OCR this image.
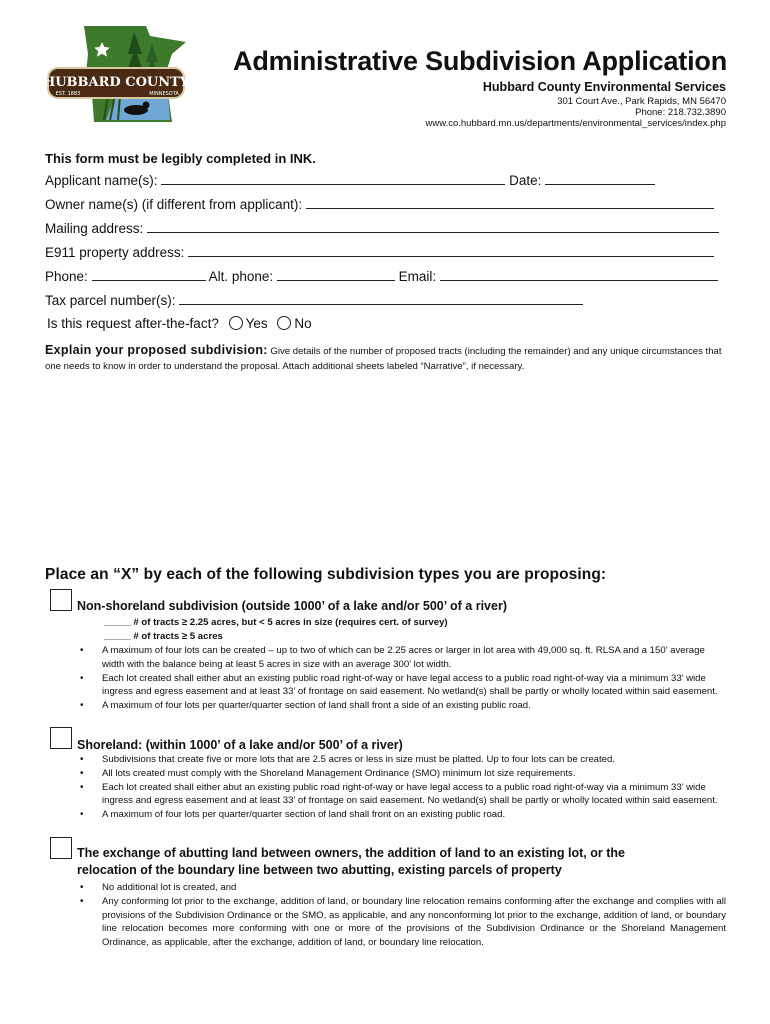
HUBBARD COUNTY
EST. 1883	MINNESOTA
Administrative Subdivision Application
Hubbard County Environmental Services
301 Court Ave., Park Rapids, MN 56470
Phone: 218.732.3890
www.co.hubbard.mn.us/departments/environmental_services/index.php
This form must be legibly completed in INK.
Applicant name(s):	Date:
Owner name(s) (if different from applicant):
Mailing address:
E911 property address:
Phone:	Alt. phone:	Email:
Tax parcel number(s):
Is this request after-the-fact? Yes No
Explain your proposed subdivision: Give details of the number of proposed tracts (including the remainder) and any unique circumstances that one needs to know in order to understand the proposal. Attach additional sheets labeled “Narrative”, if necessary.
Place an “X” by each of the following subdivision types you are proposing:
Non-shoreland subdivision (outside 1000’ of a lake and/or 500’ of a river)
_____ # of tracts ≥ 2.25 acres, but < 5 acres in size (requires cert. of survey)
_____ # of tracts ≥ 5 acres
• A maximum of four lots can be created – up to two of which can be 2.25 acres or larger in lot area with 49,000 sq. ft. RLSA and a 150’ average width with the balance being at least 5 acres in size with an average 300’ lot width.
• Each lot created shall either abut an existing public road right-of-way or have legal access to a public road right-of-way via a minimum 33’ wide ingress and egress easement and at least 33’ of frontage on said easement. No wetland(s) shall be partly or wholly located within said easement.
• A maximum of four lots per quarter/quarter section of land shall front a side of an existing public road.
Shoreland: (within 1000’ of a lake and/or 500’ of a river)
• Subdivisions that create five or more lots that are 2.5 acres or less in size must be platted. Up to four lots can be created.
• All lots created must comply with the Shoreland Management Ordinance (SMO) minimum lot size requirements.
• Each lot created shall either abut an existing public road right-of-way or have legal access to a public road right-of-way via a minimum 33’ wide ingress and egress easement and at least 33’ of frontage on said easement. No wetland(s) shall be partly or wholly located within said easement.
• A maximum of four lots per quarter/quarter section of land shall front on an existing public road.
The exchange of abutting land between owners, the addition of land to an existing lot, or the
relocation of the boundary line between two abutting, existing parcels of property
• No additional lot is created, and
• Any conforming lot prior to the exchange, addition of land, or boundary line relocation remains conforming after the exchange and complies with all provisions of the Subdivision Ordinance or the SMO, as applicable, and any nonconforming lot prior to the exchange, addition of land, or boundary line relocation becomes more conforming with one or more of the provisions of the Subdivision Ordinance or the Shoreland Management Ordinance, as applicable, after the exchange, addition of land, or boundary line relocation.
